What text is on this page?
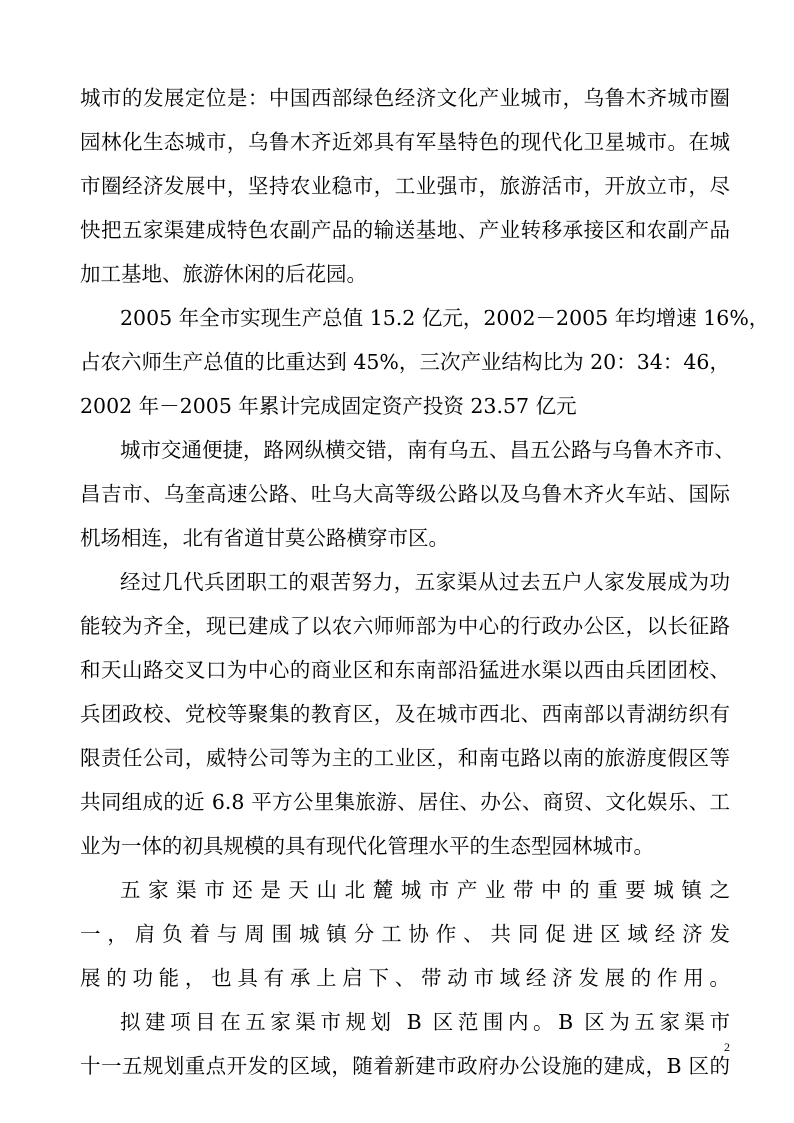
城市的发展定位是：中国西部绿色经济文化产业城市，乌鲁木齐城市圈
园林化生态城市，乌鲁木齐近郊具有军垦特色的现代化卫星城市。在城
市圈经济发展中，坚持农业稳市，工业强市，旅游活市，开放立市，尽
快把五家渠建成特色农副产品的输送基地、产业转移承接区和农副产品
加工基地、旅游休闲的后花园。
2005 年全市实现生产总值 15.2 亿元，2002－2005 年均增速 16%，
占农六师生产总值的比重达到 45%，三次产业结构比为 20：34：46，
2002 年－2005 年累计完成固定资产投资 23.57 亿元
城市交通便捷，路网纵横交错，南有乌五、昌五公路与乌鲁木齐市、
昌吉市、乌奎高速公路、吐乌大高等级公路以及乌鲁木齐火车站、国际
机场相连，北有省道甘莫公路横穿市区。
经过几代兵团职工的艰苦努力，五家渠从过去五户人家发展成为功
能较为齐全，现已建成了以农六师师部为中心的行政办公区，以长征路
和天山路交叉口为中心的商业区和东南部沿猛进水渠以西由兵团团校、
兵团政校、党校等聚集的教育区，及在城市西北、西南部以青湖纺织有
限责任公司，威特公司等为主的工业区，和南屯路以南的旅游度假区等
共同组成的近 6.8 平方公里集旅游、居住、办公、商贸、文化娱乐、工
业为一体的初具规模的具有现代化管理水平的生态型园林城市。
五家渠市还是天山北麓城市产业带中的重要城镇之
一，肩负着与周围城镇分工协作、共同促进区域经济发
展的功能，也具有承上启下、带动市域经济发展的作用。
拟建项目在五家渠市规划 B 区范围内。B 区为五家渠市
十一五规划重点开发的区域，随着新建市政府办公设施的建成，B 区的
2
